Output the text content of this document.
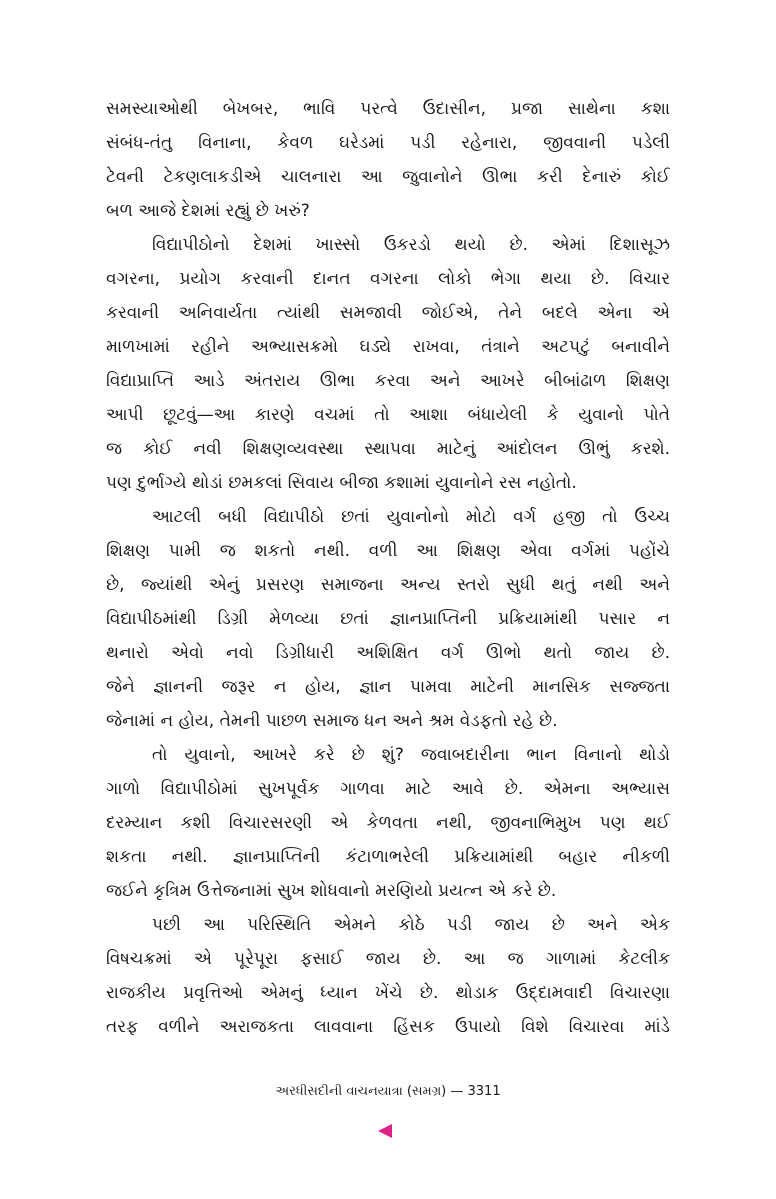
સમસ્યાઓથી બેખબર, ભાવિ પરત્વે ઉદાસીન, પ્રજા સાથેના કશા
સંબંધ-તંતુ વિનાના, કેવળ ઘરેડમાં પડી રહેનારા, જીવવાની પડેલી
ટેવની ટેકણલાકડીએ ચાલનારા આ જુવાનોને ઊભા કરી દેનારું કોઈ
બળ આજે દેશમાં રહ્યું છે ખરું?
વિદ્યાપીઠોનો દેશમાં ખાસ્સો ઉકરડો થયો છે. એમાં દિશાસૂઝ
વગરના, પ્રયોગ કરવાની દાનત વગરના લોકો ભેગા થયા છે. વિચાર
કરવાની અનિવાર્યતા ત્યાંથી સમજાવી જોઈએ, તેને બદલે એના એ
માળખામાં રહીને અભ્યાસક્રમો ઘડ્યે રાખવા, તંત્રાને અટપટું બનાવીને
વિદ્યાપ્રાપ્તિ આડે અંતરાય ઊભા કરવા અને આખરે બીબાંઢાળ શિક્ષણ
આપી છૂટવું—આ કારણે વચમાં તો આશા બંધાયેલી કે યુવાનો પોતે
જ કોઈ નવી શિક્ષણવ્યવસ્થા સ્થાપવા માટેનું આંદોલન ઊભું કરશે.
પણ દુર્ભાગ્યે થોડાં છમકલાં સિવાય બીજા કશામાં યુવાનોને રસ નહોતો.
આટલી બધી વિદ્યાપીઠો છતાં યુવાનોનો મોટો વર્ગ હજી તો ઉચ્ચ
શિક્ષણ પામી જ શકતો નથી. વળી આ શિક્ષણ એવા વર્ગમાં પહોંચે
છે, જ્યાંથી એનું પ્રસરણ સમાજના અન્ય સ્તરો સુધી થતું નથી અને
વિદ્યાપીઠમાંથી ડિગ્રી મેળવ્યા છતાં જ્ઞાનપ્રાપ્તિની પ્રક્રિયામાંથી પસાર ન
થનારો એવો નવો ડિગ્રીધારી અશિક્ષિત વર્ગ ઊભો થતો જાય છે.
જેને જ્ઞાનની જરૂર ન હોય, જ્ઞાન પામવા માટેની માનસિક સજ્જતા
જેનામાં ન હોય, તેમની પાછળ સમાજ ધન અને શ્રમ વેડફતો રહે છે.
તો યુવાનો, આખરે કરે છે શું? જવાબદારીના ભાન વિનાનો થોડો
ગાળો વિદ્યાપીઠોમાં સુખપૂર્વક ગાળવા માટે આવે છે. એમના અભ્યાસ
દરમ્યાન કશી વિચારસરણી એ કેળવતા નથી, જીવનાભિમુખ પણ થઈ
શકતા નથી. જ્ઞાનપ્રાપ્તિની કંટાળાભરેલી પ્રક્રિયામાંથી બહાર નીકળી
જઈને કૃત્રિમ ઉત્તેજનામાં સુખ શોધવાનો મરણિયો પ્રયત્ન એ કરે છે.
પછી આ પરિસ્થિતિ એમને કોઠે પડી જાય છે અને એક
વિષચક્રમાં એ પૂરેપૂરા ફસાઈ જાય છે. આ જ ગાળામાં કેટલીક
રાજકીય પ્રવૃત્તિઓ એમનું ધ્યાન ખેંચે છે. થોડાક ઉદ્દામવાદી વિચારણા
તરફ વળીને અરાજકતા લાવવાના હિંસક ઉપાયો વિશે વિચારવા માંડે
અરધીસદીની વાચનયાત્રા (સમગ્ર) — 3311
